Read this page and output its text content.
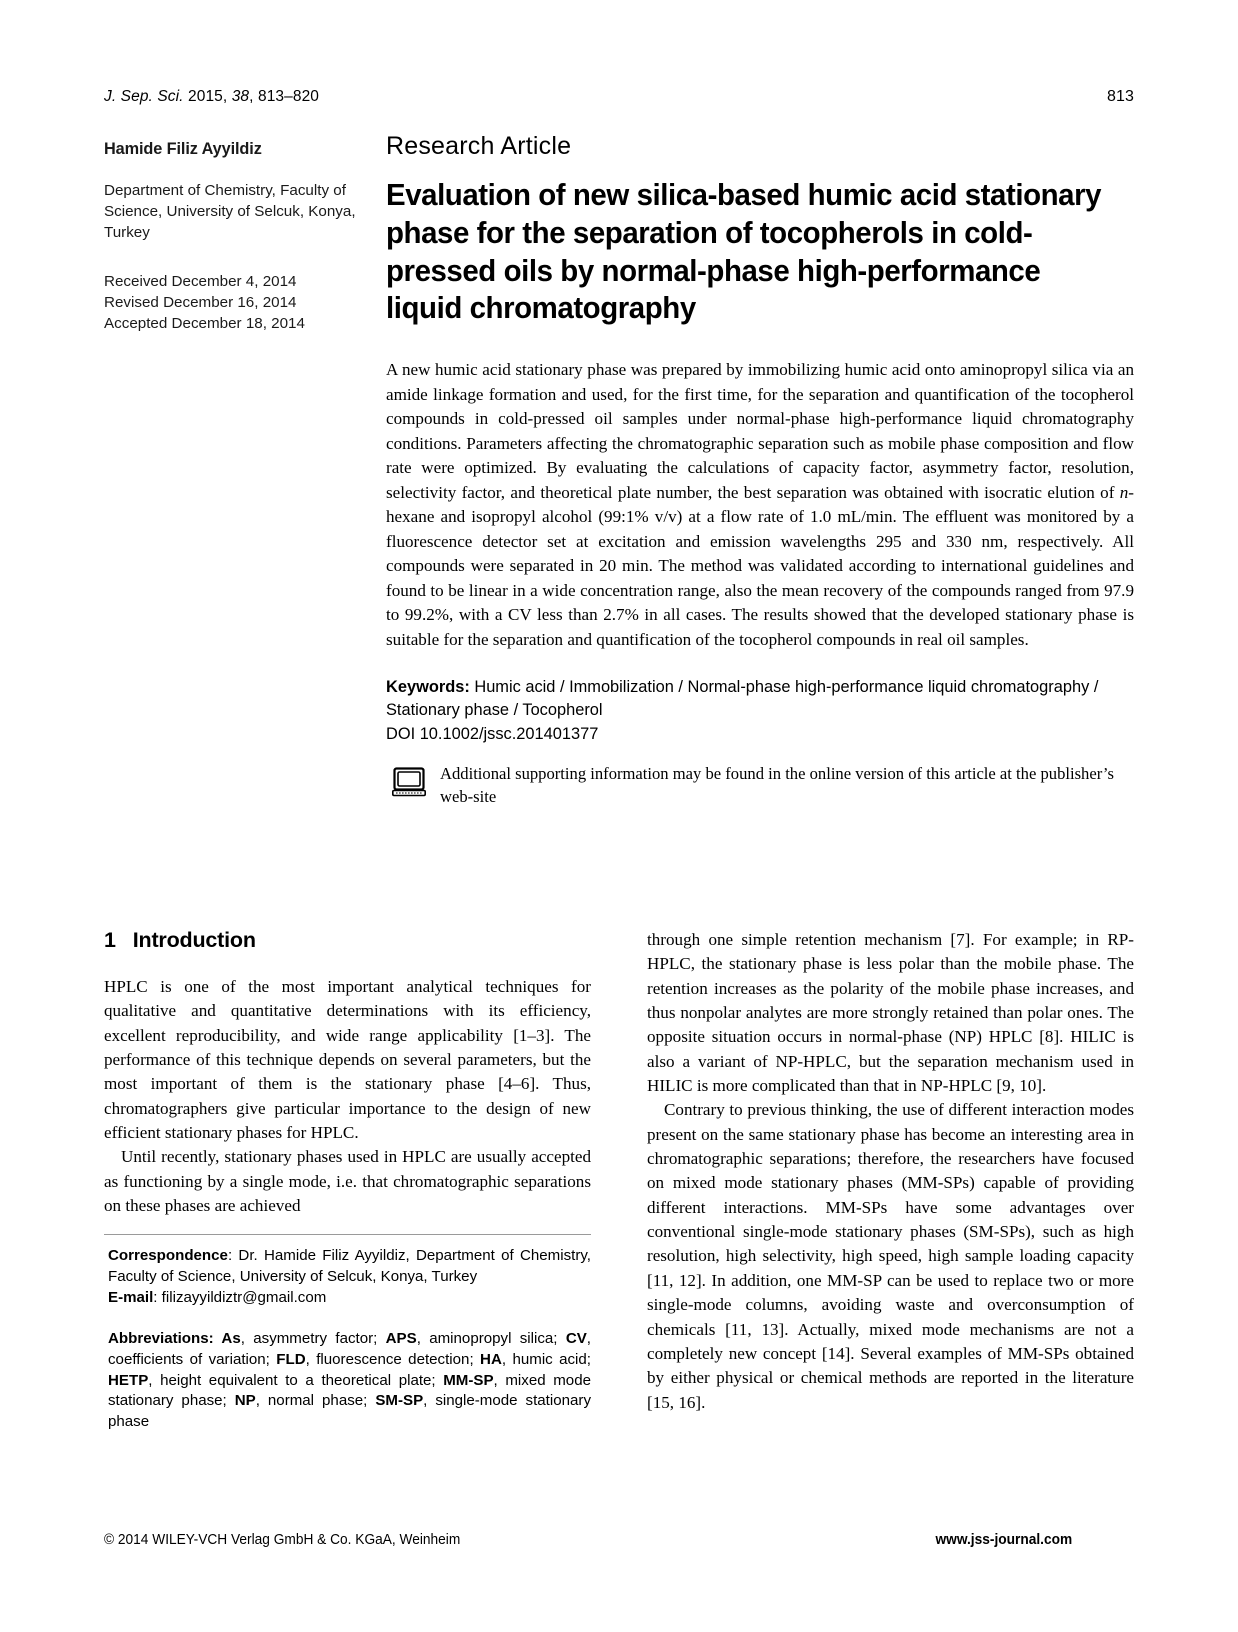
J. Sep. Sci. 2015, 38, 813–820	813
Hamide Filiz Ayyildiz
Department of Chemistry, Faculty of Science, University of Selcuk, Konya, Turkey
Received December 4, 2014
Revised December 16, 2014
Accepted December 18, 2014
Research Article
Evaluation of new silica-based humic acid stationary phase for the separation of tocopherols in cold-pressed oils by normal-phase high-performance liquid chromatography

A new humic acid stationary phase was prepared by immobilizing humic acid onto aminopropyl silica via an amide linkage formation and used, for the first time, for the separation and quantification of the tocopherol compounds in cold-pressed oil samples under normal-phase high-performance liquid chromatography conditions. Parameters affecting the chromatographic separation such as mobile phase composition and flow rate were optimized. By evaluating the calculations of capacity factor, asymmetry factor, resolution, selectivity factor, and theoretical plate number, the best separation was obtained with isocratic elution of n-hexane and isopropyl alcohol (99:1% v/v) at a flow rate of 1.0 mL/min. The effluent was monitored by a fluorescence detector set at excitation and emission wavelengths 295 and 330 nm, respectively. All compounds were separated in 20 min. The method was validated according to international guidelines and found to be linear in a wide concentration range, also the mean recovery of the compounds ranged from 97.9 to 99.2%, with a CV less than 2.7% in all cases. The results showed that the developed stationary phase is suitable for the separation and quantification of the tocopherol compounds in real oil samples.

Keywords: Humic acid / Immobilization / Normal-phase high-performance liquid chromatography / Stationary phase / Tocopherol
DOI 10.1002/jssc.201401377
Additional supporting information may be found in the online version of this article at the publisher’s web-site
1 Introduction

HPLC is one of the most important analytical techniques for qualitative and quantitative determinations with its efficiency, excellent reproducibility, and wide range applicability [1–3]. The performance of this technique depends on several parameters, but the most important of them is the stationary phase [4–6]. Thus, chromatographers give particular importance to the design of new efficient stationary phases for HPLC.

Until recently, stationary phases used in HPLC are usually accepted as functioning by a single mode, i.e. that chromatographic separations on these phases are achieved

Correspondence: Dr. Hamide Filiz Ayyildiz, Department of Chemistry, Faculty of Science, University of Selcuk, Konya, Turkey
E-mail: filizayyildiztr@gmail.com

Abbreviations: As, asymmetry factor; APS, aminopropyl silica; CV, coefficients of variation; FLD, fluorescence detection; HA, humic acid; HETP, height equivalent to a theoretical plate; MM-SP, mixed mode stationary phase; NP, normal phase; SM-SP, single-mode stationary phase

through one simple retention mechanism [7]. For example; in RP-HPLC, the stationary phase is less polar than the mobile phase. The retention increases as the polarity of the mobile phase increases, and thus nonpolar analytes are more strongly retained than polar ones. The opposite situation occurs in normal-phase (NP) HPLC [8]. HILIC is also a variant of NP-HPLC, but the separation mechanism used in HILIC is more complicated than that in NP-HPLC [9, 10].

Contrary to previous thinking, the use of different interaction modes present on the same stationary phase has become an interesting area in chromatographic separations; therefore, the researchers have focused on mixed mode stationary phases (MM-SPs) capable of providing different interactions. MM-SPs have some advantages over conventional single-mode stationary phases (SM-SPs), such as high resolution, high selectivity, high speed, high sample loading capacity [11, 12]. In addition, one MM-SP can be used to replace two or more single-mode columns, avoiding waste and overconsumption of chemicals [11, 13]. Actually, mixed mode mechanisms are not a completely new concept [14]. Several examples of MM-SPs obtained by either physical or chemical methods are reported in the literature [15, 16].

© 2014 WILEY-VCH Verlag GmbH & Co. KGaA, Weinheim	www.jss-journal.com
